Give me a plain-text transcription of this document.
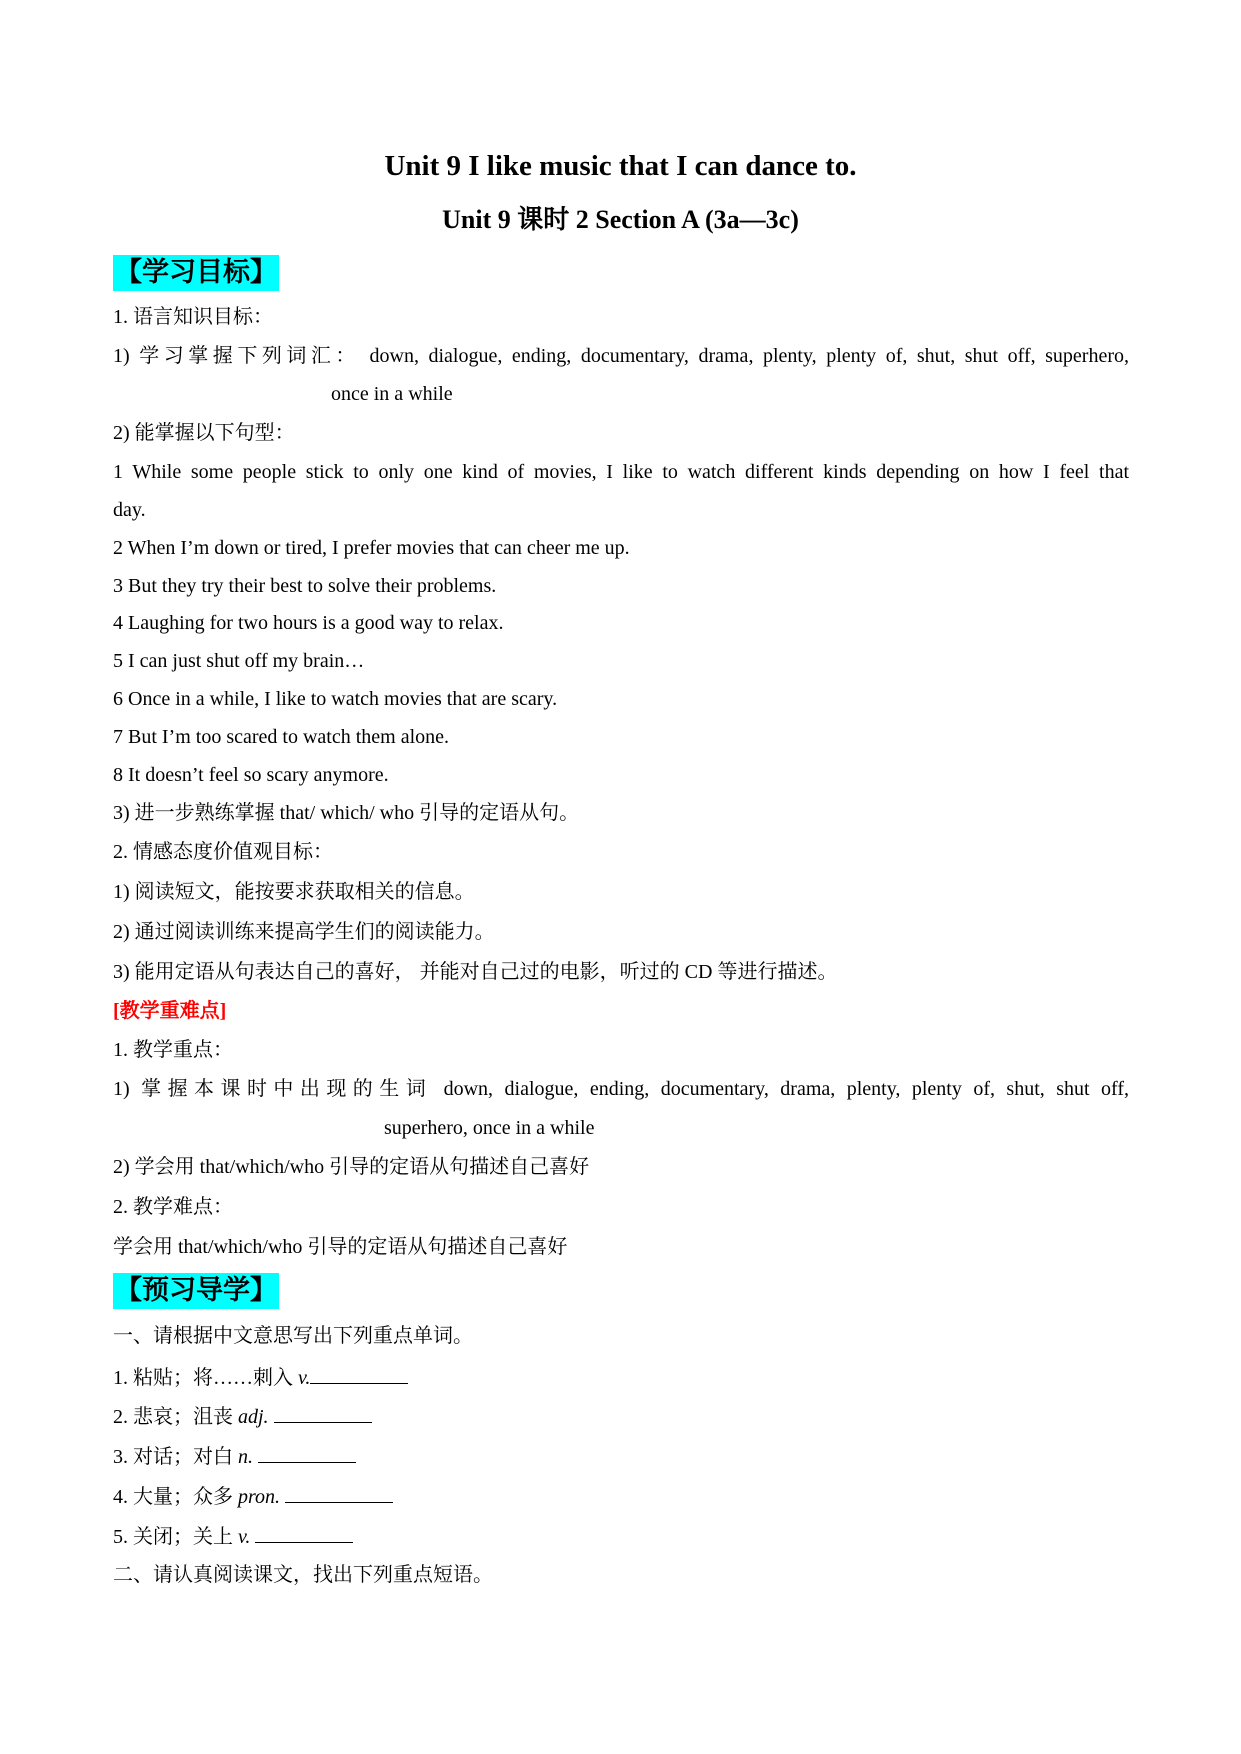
Unit 9 I like music that I can dance to.
Unit 9 课时 2 Section A (3a—3c)
【学习目标】
1. 语言知识目标：
1) 学习掌握下列词汇： down, dialogue, ending, documentary, drama, plenty, plenty of, shut, shut off, superhero,
once in a while
2) 能掌握以下句型：
1 While some people stick to only one kind of movies, I like to watch different kinds depending on how I feel that
day.
2 When I’m down or tired, I prefer movies that can cheer me up.
3 But they try their best to solve their problems.
4 Laughing for two hours is a good way to relax.
5 I can just shut off my brain…
6 Once in a while, I like to watch movies that are scary.
7 But I’m too scared to watch them alone.
8 It doesn’t feel so scary anymore.
3) 进一步熟练掌握 that/ which/ who 引导的定语从句。
2. 情感态度价值观目标：
1) 阅读短文，能按要求获取相关的信息。
2) 通过阅读训练来提高学生们的阅读能力。
3) 能用定语从句表达自己的喜好， 并能对自己过的电影，听过的 CD 等进行描述。
[教学重难点]
1. 教学重点：
1) 掌握本课时中出现的生词 down, dialogue, ending, documentary, drama, plenty, plenty of, shut, shut off,
superhero, once in a while
2) 学会用 that/which/who 引导的定语从句描述自己喜好
2. 教学难点：
学会用 that/which/who 引导的定语从句描述自己喜好
【预习导学】
一、请根据中文意思写出下列重点单词。
1. 粘贴；将……刺入 v.
2. 悲哀；沮丧 adj.
3. 对话；对白 n.
4. 大量；众多 pron.
5. 关闭；关上 v.
二、请认真阅读课文，找出下列重点短语。
